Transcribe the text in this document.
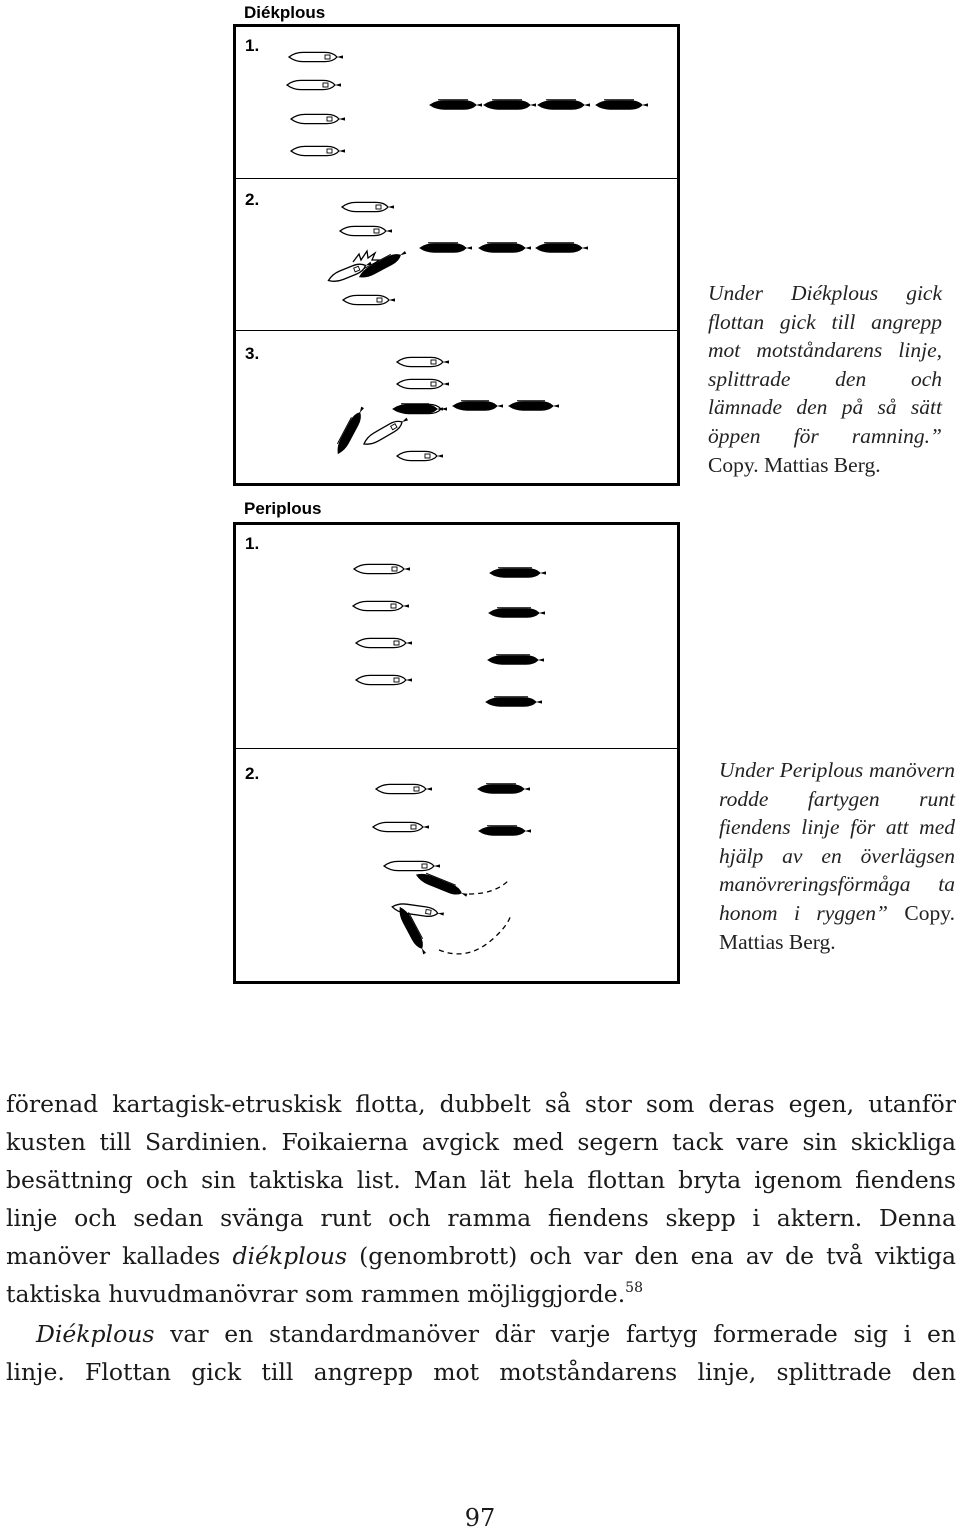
Diékplous
1.
2.
3.
Under Diékplous gick flottan gick till angrepp mot motståndarens linje, splittrade den och lämnade den på så sätt öppen för ramning.” Copy. Mattias Berg.
Periplous
1.
2.	Under Periplous manövern rodde fartygen runt fiendens linje för att med hjälp av en överlägsen manövreringsförmåga ta honom i ryggen” Copy. Mattias Berg.
förenad kartagisk-etruskisk flotta, dubbelt så stor som deras egen, utanför
kusten till Sardinien. Foikaierna avgick med segern tack vare sin skickliga
besättning och sin taktiska list. Man lät hela flottan bryta igenom fiendens
linje och sedan svänga runt och ramma fiendens skepp i aktern. Denna
manöver kallades diékplous (genombrott) och var den ena av de två viktiga
taktiska huvudmanövrar som rammen möjliggjorde.$^{58}$
Diékplous var en standardmanöver där varje fartyg formerade sig i en
linje. Flottan gick till angrepp mot motståndarens linje, splittrade den
97
